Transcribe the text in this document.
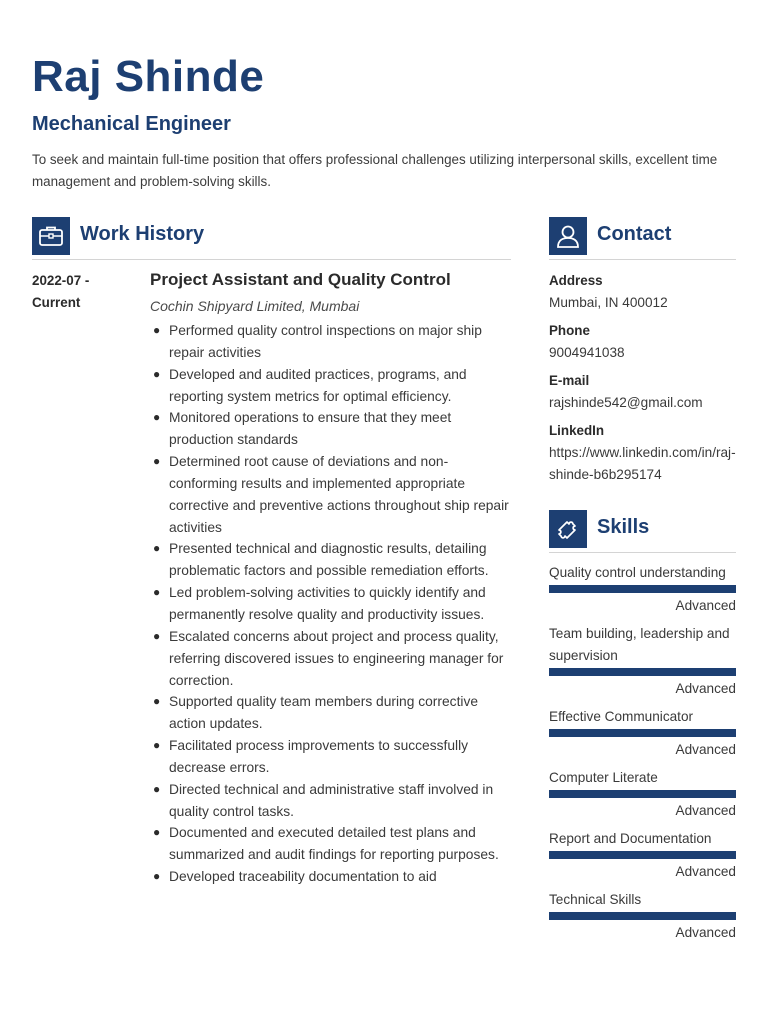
Raj Shinde
Mechanical Engineer

To seek and maintain full-time position that offers professional challenges utilizing interpersonal skills, excellent time management and problem-solving skills.

Work History	Contact
Skills
2022-07 -
Current
Project Assistant and Quality Control
Cochin Shipyard Limited, Mumbai
● Performed quality control inspections on major ship repair activities
● Developed and audited practices, programs, and reporting system metrics for optimal efficiency.
● Monitored operations to ensure that they meet production standards
● Determined root cause of deviations and non-conforming results and implemented appropriate corrective and preventive actions throughout ship repair activities
● Presented technical and diagnostic results, detailing problematic factors and possible remediation efforts.
● Led problem-solving activities to quickly identify and permanently resolve quality and productivity issues.
● Escalated concerns about project and process quality, referring discovered issues to engineering manager for correction.
● Supported quality team members during corrective action updates.
● Facilitated process improvements to successfully decrease errors.
● Directed technical and administrative staff involved in quality control tasks.
● Documented and executed detailed test plans and summarized and audit findings for reporting purposes.
● Developed traceability documentation to aid
Address
Mumbai, IN 400012
Phone
9004941038
E-mail
rajshinde542@gmail.com
LinkedIn
https://www.linkedin.com/in/raj-shinde-b6b295174
Quality control understanding
Advanced
Team building, leadership and supervision
Advanced
Effective Communicator
Advanced
Computer Literate
Advanced
Report and Documentation
Advanced
Technical Skills
Advanced
